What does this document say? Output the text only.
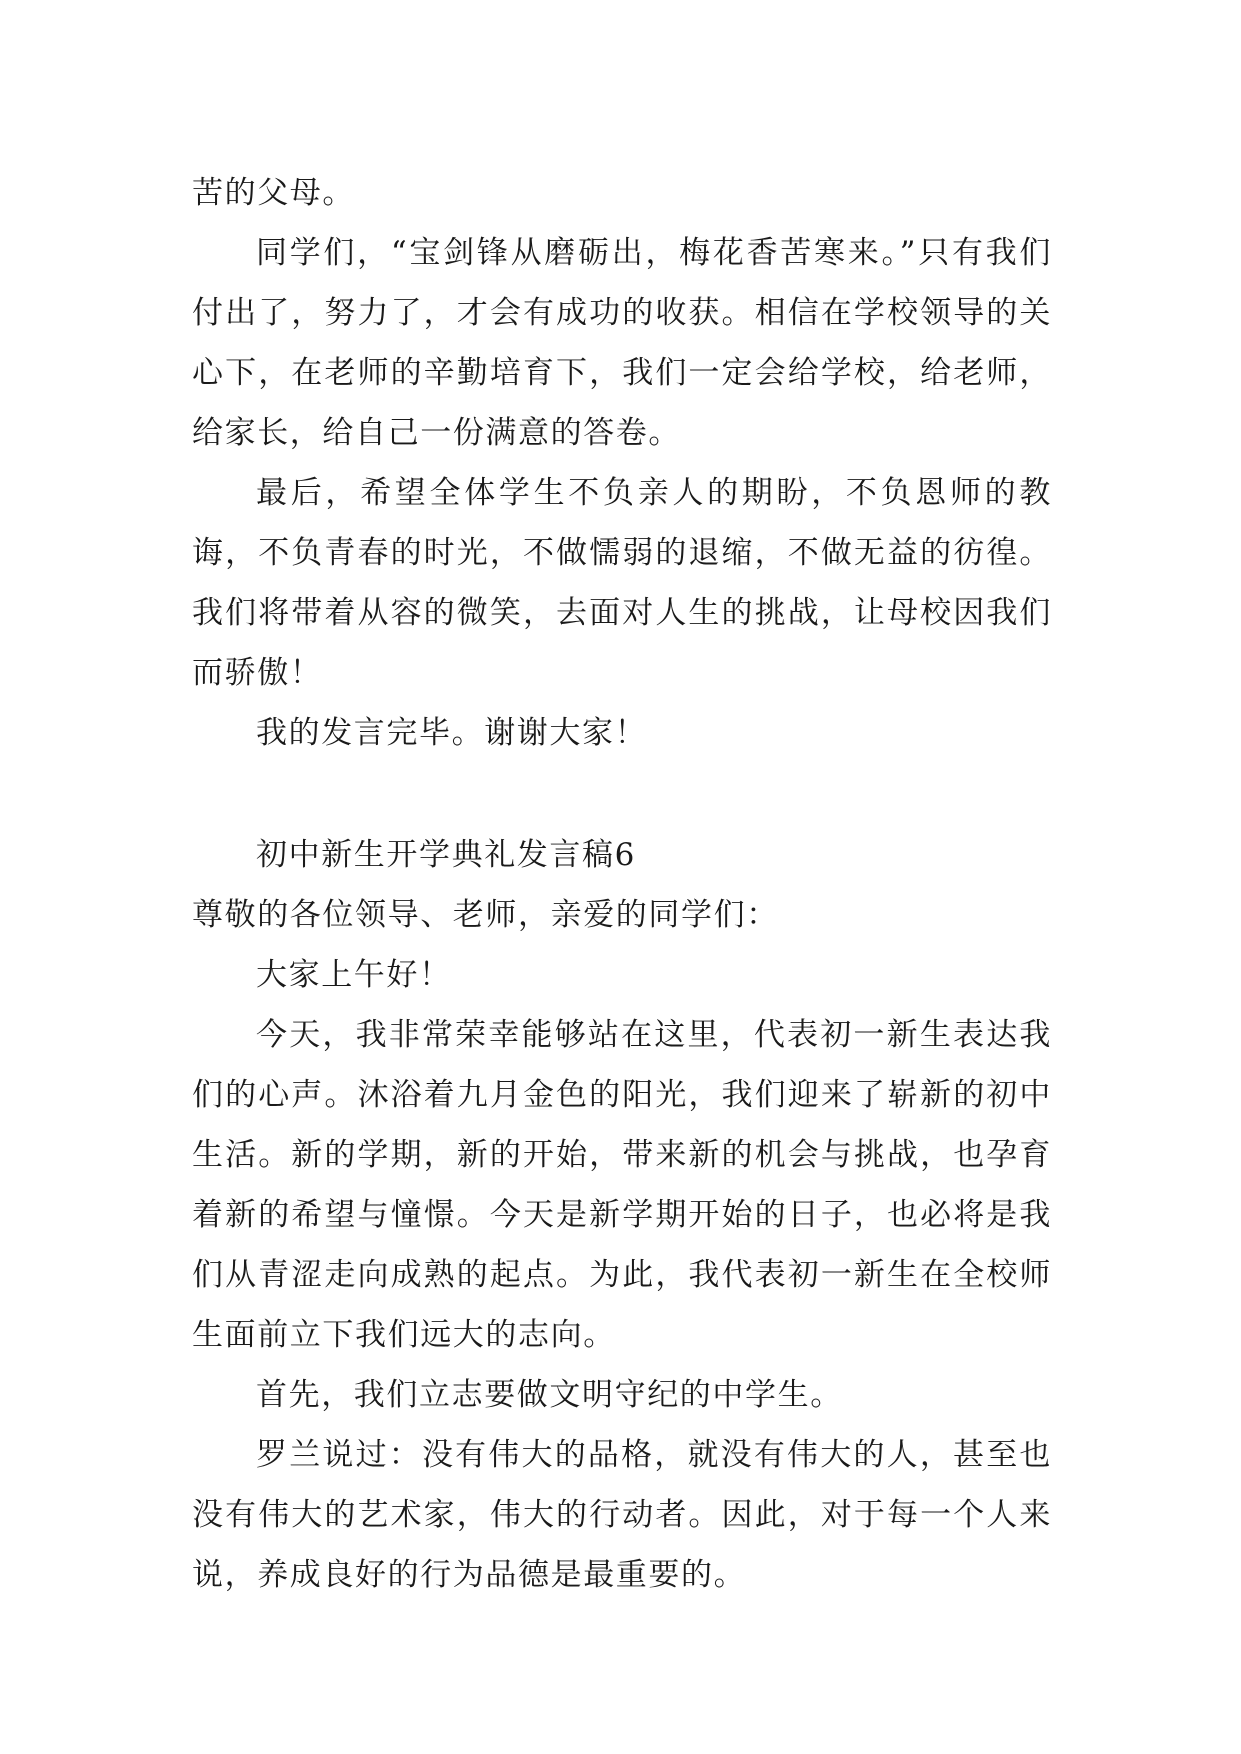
苦的父母。

同学们，“宝剑锋从磨砺出，梅花香苦寒来。”只有我们付出了，努力了，才会有成功的收获。相信在学校领导的关心下，在老师的辛勤培育下，我们一定会给学校，给老师，给家长，给自己一份满意的答卷。

最后，希望全体学生不负亲人的期盼，不负恩师的教诲，不负青春的时光，不做懦弱的退缩，不做无益的彷徨。我们将带着从容的微笑，去面对人生的挑战，让母校因我们而骄傲！

我的发言完毕。谢谢大家！

初中新生开学典礼发言稿6

尊敬的各位领导、老师，亲爱的同学们：

大家上午好！

今天，我非常荣幸能够站在这里，代表初一新生表达我们的心声。沐浴着九月金色的阳光，我们迎来了崭新的初中生活。新的学期，新的开始，带来新的机会与挑战，也孕育着新的希望与憧憬。今天是新学期开始的日子，也必将是我们从青涩走向成熟的起点。为此，我代表初一新生在全校师生面前立下我们远大的志向。

首先，我们立志要做文明守纪的中学生。

罗兰说过：没有伟大的品格，就没有伟大的人，甚至也没有伟大的艺术家，伟大的行动者。因此，对于每一个人来说，养成良好的行为品德是最重要的。
